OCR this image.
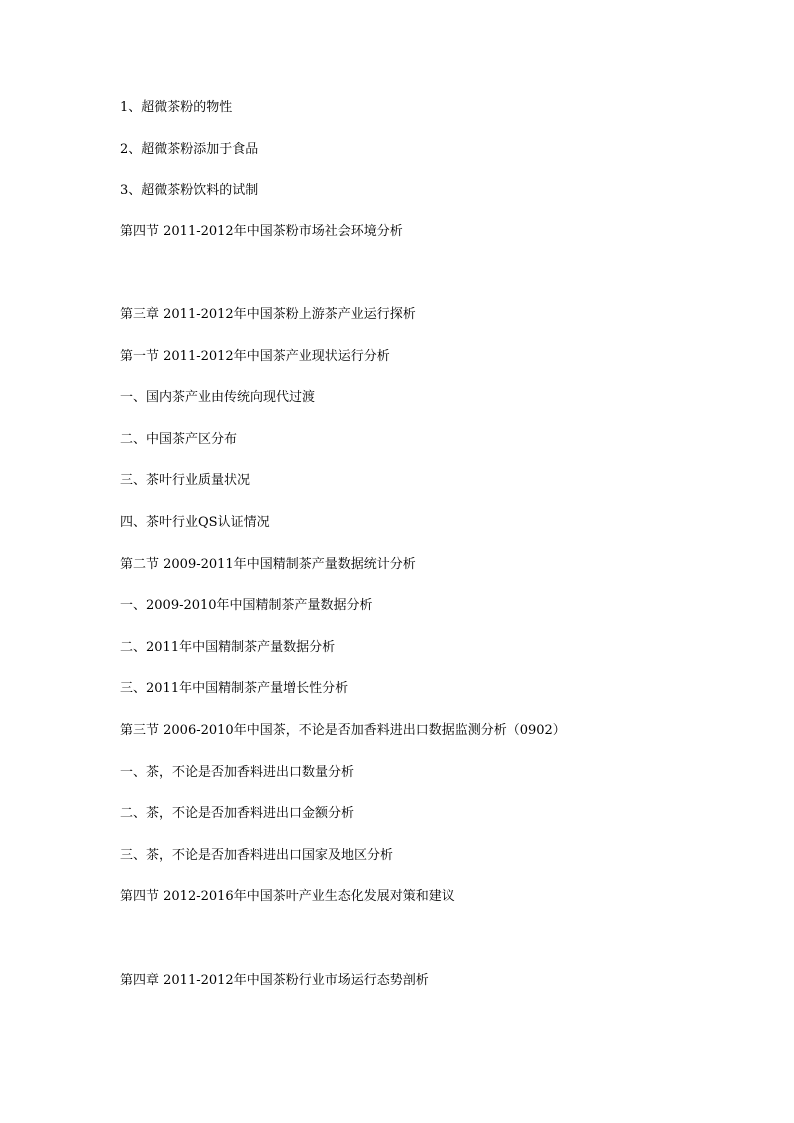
1、超微茶粉的物性
2、超微茶粉添加于食品
3、超微茶粉饮料的试制
第四节 2011-2012年中国茶粉市场社会环境分析
第三章 2011-2012年中国茶粉上游茶产业运行探析
第一节 2011-2012年中国茶产业现状运行分析
一、国内茶产业由传统向现代过渡
二、中国茶产区分布
三、茶叶行业质量状况
四、茶叶行业QS认证情况
第二节 2009-2011年中国精制茶产量数据统计分析
一、2009-2010年中国精制茶产量数据分析
二、2011年中国精制茶产量数据分析
三、2011年中国精制茶产量增长性分析
第三节 2006-2010年中国茶，不论是否加香料进出口数据监测分析（0902）
一、茶，不论是否加香料进出口数量分析
二、茶，不论是否加香料进出口金额分析
三、茶，不论是否加香料进出口国家及地区分析
第四节 2012-2016年中国茶叶产业生态化发展对策和建议
第四章 2011-2012年中国茶粉行业市场运行态势剖析
